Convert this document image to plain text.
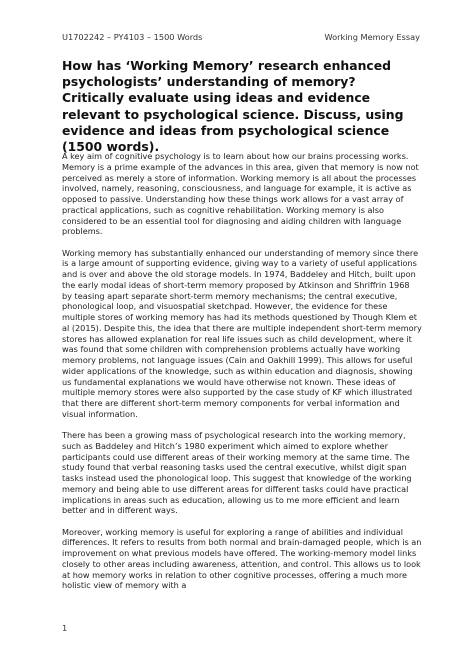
U1702242 – PY4103 – 1500 Words	Working Memory Essay
How has ‘Working Memory’ research enhanced psychologists’ understanding of memory? Critically evaluate using ideas and evidence relevant to psychological science. Discuss, using evidence and ideas from psychological science (1500 words).

A key aim of cognitive psychology is to learn about how our brains processing works. Memory is a prime example of the advances in this area, given that memory is now not perceived as merely a store of information. Working memory is all about the processes involved, namely, reasoning, consciousness, and language for example, it is active as opposed to passive. Understanding how these things work allows for a vast array of practical applications, such as cognitive rehabilitation. Working memory is also considered to be an essential tool for diagnosing and aiding children with language problems.

Working memory has substantially enhanced our understanding of memory since there is a large amount of supporting evidence, giving way to a variety of useful applications and is over and above the old storage models. In 1974, Baddeley and Hitch, built upon the early modal ideas of short-term memory proposed by Atkinson and Shriffrin 1968 by teasing apart separate short-term memory mechanisms; the central executive, phonological loop, and visuospatial sketchpad. However, the evidence for these multiple stores of working memory has had its methods questioned by Though Klem et al (2015). Despite this, the idea that there are multiple independent short-term memory stores has allowed explanation for real life issues such as child development, where it was found that some children with comprehension problems actually have working memory problems, not language issues (Cain and Oakhill 1999). This allows for useful wider applications of the knowledge, such as within education and diagnosis, showing us fundamental explanations we would have otherwise not known. These ideas of multiple memory stores were also supported by the case study of KF which illustrated that there are different short-term memory components for verbal information and visual information.

There has been a growing mass of psychological research into the working memory, such as Baddeley and Hitch’s 1980 experiment which aimed to explore whether participants could use different areas of their working memory at the same time. The study found that verbal reasoning tasks used the central executive, whilst digit span tasks instead used the phonological loop. This suggest that knowledge of the working memory and being able to use different areas for different tasks could have practical implications in areas such as education, allowing us to me more efficient and learn better and in different ways.

Moreover, working memory is useful for exploring a range of abilities and individual differences. It refers to results from both normal and brain-damaged people, which is an improvement on what previous models have offered. The working-memory model links closely to other areas including awareness, attention, and control. This allows us to look at how memory works in relation to other cognitive processes, offering a much more holistic view of memory with a

1
